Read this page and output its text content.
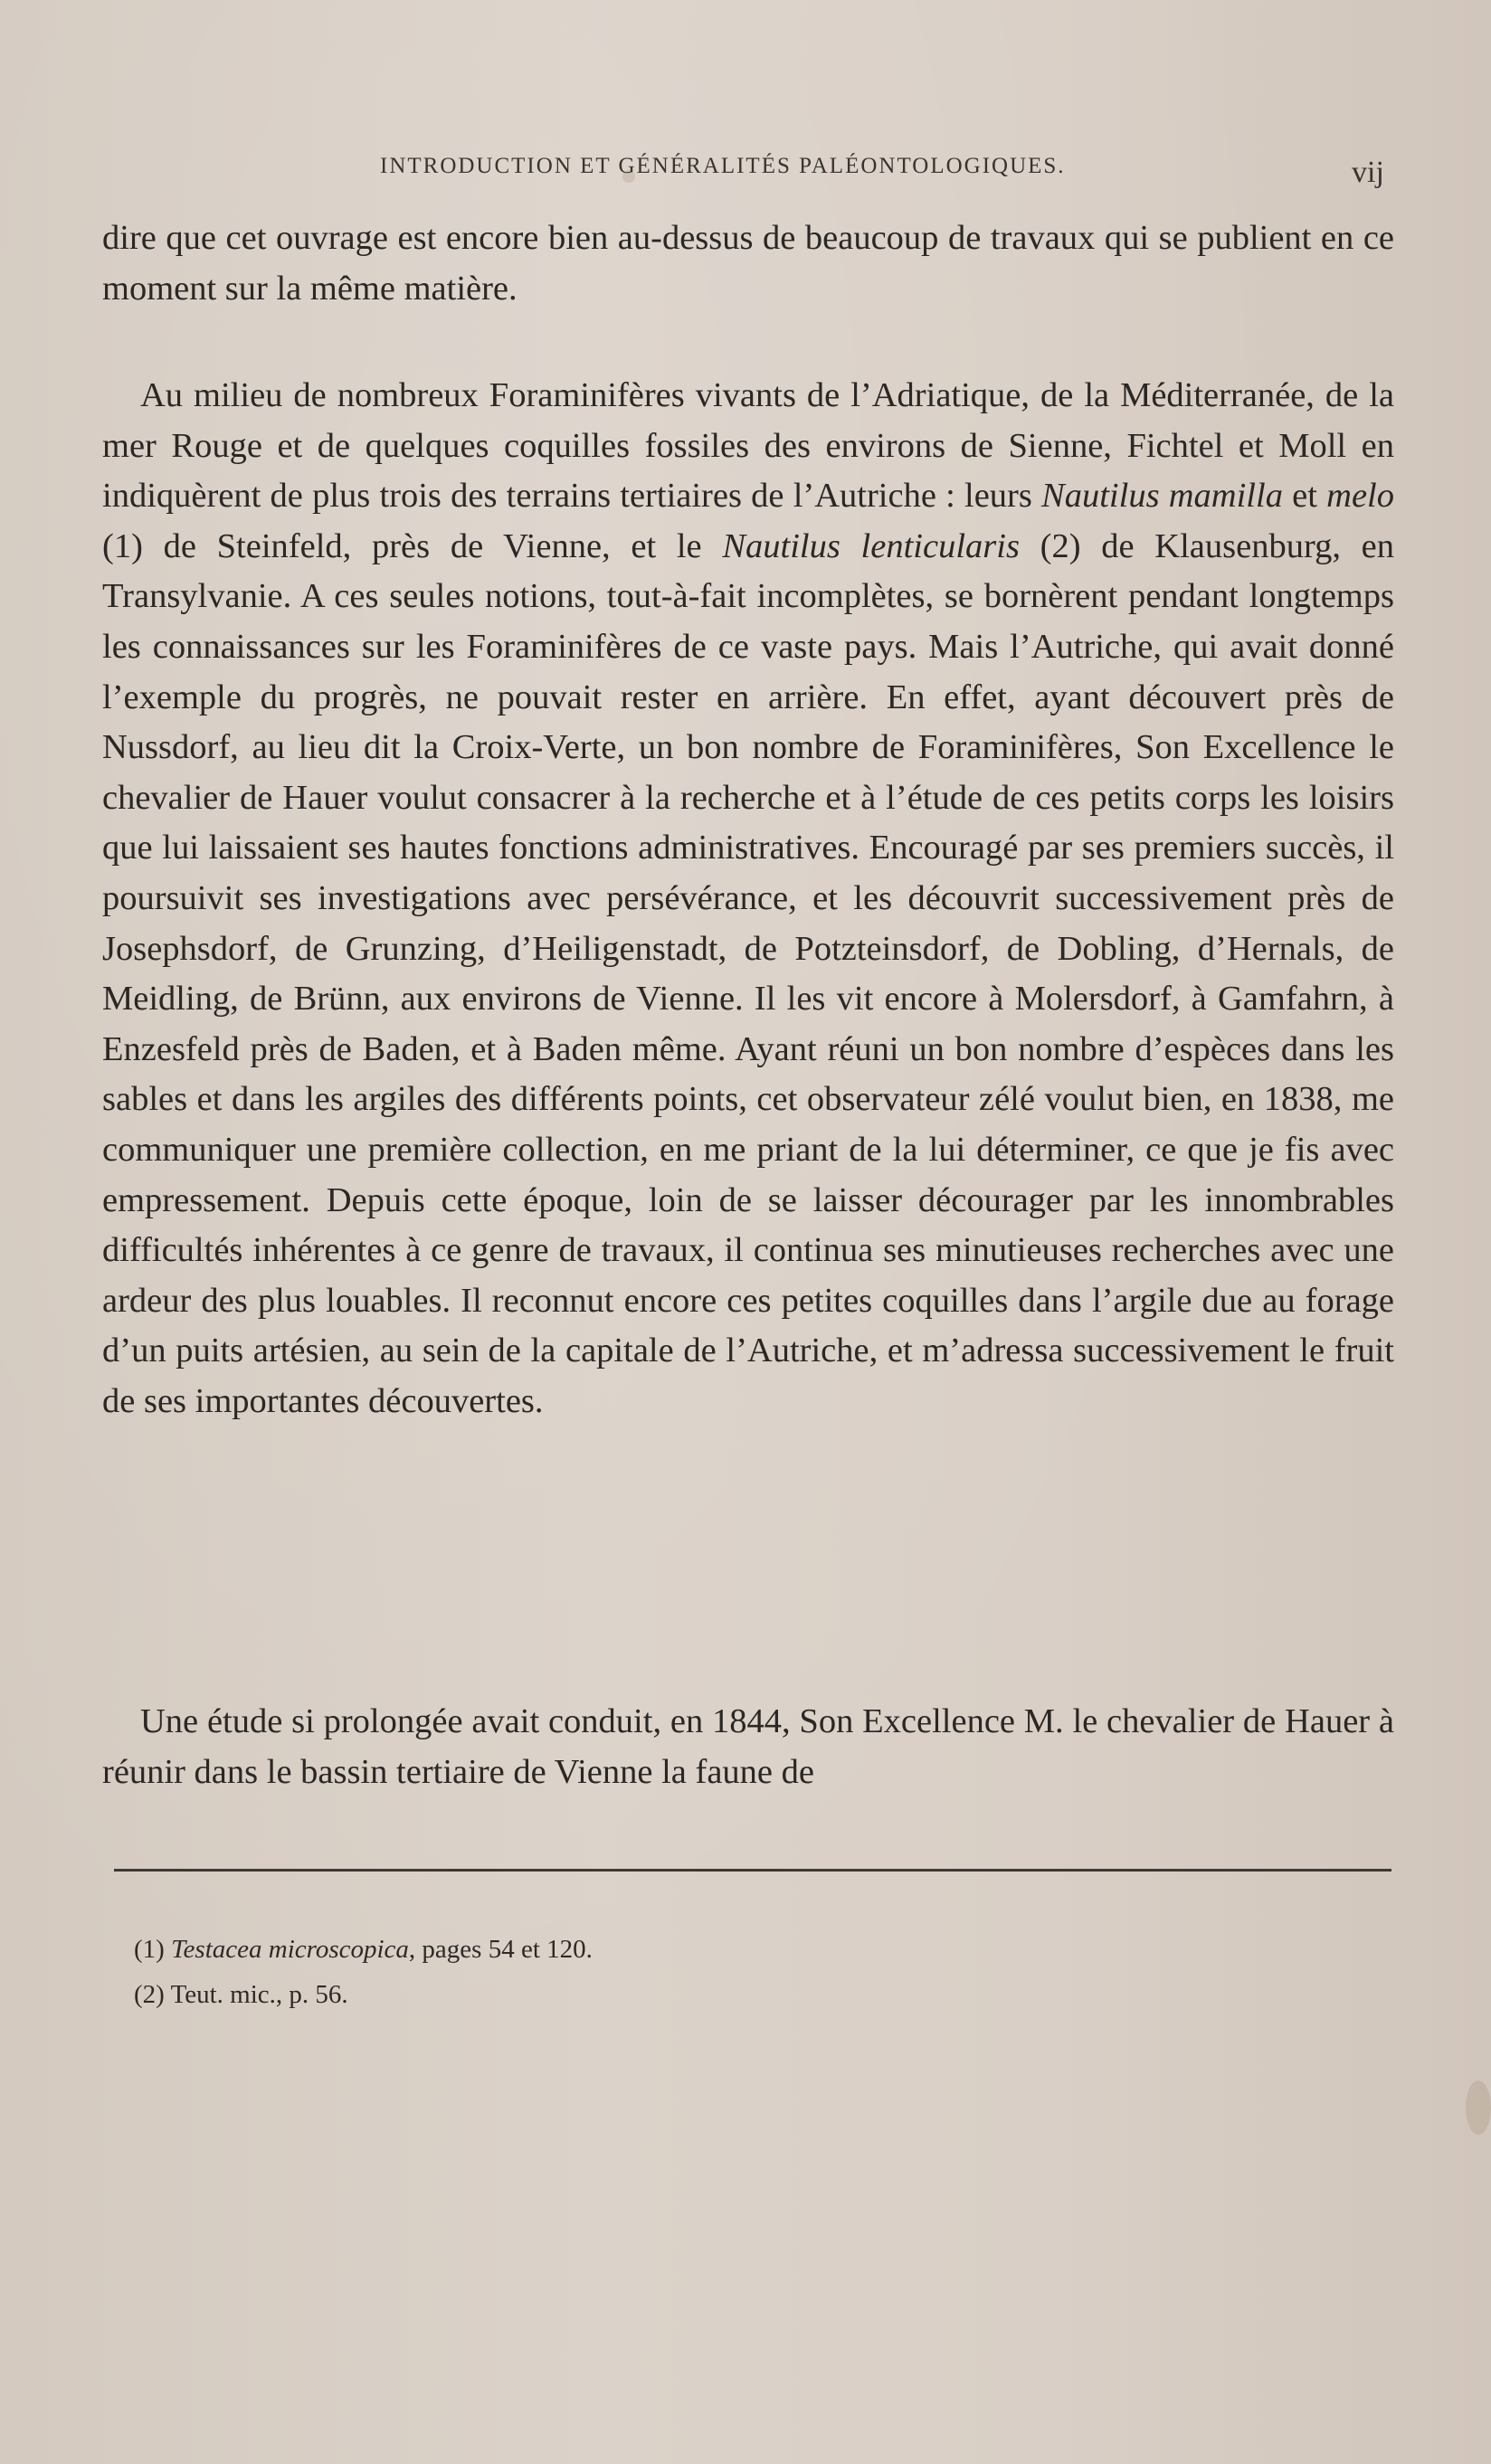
INTRODUCTION ET GÉNÉRALITÉS PALÉONTOLOGIQUES.	vij

dire que cet ouvrage est encore bien au-dessus de beaucoup de travaux qui se publient en ce moment sur la même matière.

Au milieu de nombreux Foraminifères vivants de l’Adriatique, de la Méditerranée, de la mer Rouge et de quelques coquilles fossiles des environs de Sienne, Fichtel et Moll en indiquèrent de plus trois des terrains tertiaires de l’Autriche : leurs Nautilus mamilla et melo (1) de Steinfeld, près de Vienne, et le Nautilus lenticularis (2) de Klausenburg, en Transylvanie. A ces seules notions, tout-à-fait incomplètes, se bornèrent pendant longtemps les connaissances sur les Foraminifères de ce vaste pays. Mais l’Autriche, qui avait donné l’exemple du progrès, ne pouvait rester en arrière. En effet, ayant découvert près de Nussdorf, au lieu dit la Croix-Verte, un bon nombre de Foraminifères, Son Excellence le chevalier de Hauer voulut consacrer à la recherche et à l’étude de ces petits corps les loisirs que lui laissaient ses hautes fonctions administratives. Encouragé par ses premiers succès, il poursuivit ses investigations avec persévérance, et les découvrit successivement près de Josephsdorf, de Grunzing, d’Heiligenstadt, de Potzteinsdorf, de Dobling, d’Hernals, de Meidling, de Brünn, aux environs de Vienne. Il les vit encore à Molersdorf, à Gamfahrn, à Enzesfeld près de Baden, et à Baden même. Ayant réuni un bon nombre d’espèces dans les sables et dans les argiles des différents points, cet observateur zélé voulut bien, en 1838, me communiquer une première collection, en me priant de la lui déterminer, ce que je fis avec empressement. Depuis cette époque, loin de se laisser décourager par les innombrables difficultés inhérentes à ce genre de travaux, il continua ses minutieuses recherches avec une ardeur des plus louables. Il reconnut encore ces petites coquilles dans l’argile due au forage d’un puits artésien, au sein de la capitale de l’Autriche, et m’adressa successivement le fruit de ses importantes découvertes.

Une étude si prolongée avait conduit, en 1844, Son Excellence M. le chevalier de Hauer à réunir dans le bassin tertiaire de Vienne la faune de

(1) Testacea microscopica, pages 54 et 120.
(2) Teut. mic., p. 56.
